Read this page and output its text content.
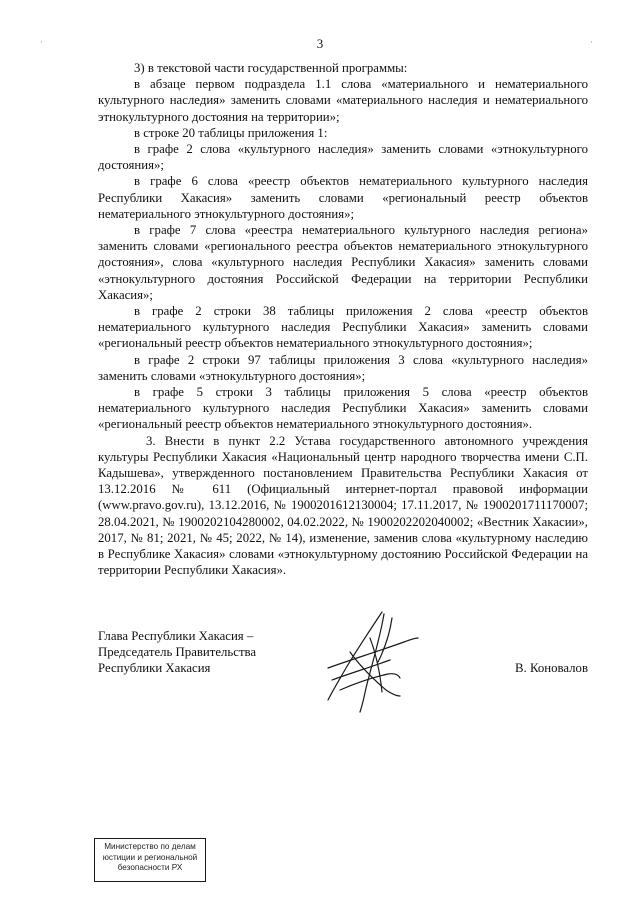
3
˙	˙

3) в текстовой части государственной программы:

в абзаце первом подраздела 1.1 слова «материального и нематериального культурного наследия» заменить словами «материального наследия и нематериального этнокультурного достояния на территории»;

в строке 20 таблицы приложения 1:

в графе 2 слова «культурного наследия» заменить словами «этнокультурного достояния»;

в графе 6 слова «реестр объектов нематериального культурного наследия Республики Хакасия» заменить словами «региональный реестр объектов нематериального этнокультурного достояния»;

в графе 7 слова «реестра нематериального культурного наследия региона» заменить словами «регионального реестра объектов нематериального этнокультурного достояния», слова «культурного наследия Республики Хакасия» заменить словами «этнокультурного достояния Российской Федерации на территории Республики Хакасия»;

в графе 2 строки 38 таблицы приложения 2 слова «реестр объектов нематериального культурного наследия Республики Хакасия» заменить словами «региональный реестр объектов нематериального этнокультурного достояния»;

в графе 2 строки 97 таблицы приложения 3 слова «культурного наследия» заменить словами «этнокультурного достояния»;

в графе 5 строки 3 таблицы приложения 5 слова «реестр объектов нематериального культурного наследия Республики Хакасия» заменить словами «региональный реестр объектов нематериального этнокультурного достояния».

3. Внести в пункт 2.2 Устава государственного автономного учреждения культуры Республики Хакасия «Национальный центр народного творчества имени С.П. Кадышева», утвержденного постановлением Правительства Республики Хакасия от 13.12.2016 № 611 (Официальный интернет-портал правовой информации (www.pravo.gov.ru), 13.12.2016, № 1900201612130004; 17.11.2017, № 1900201711170007; 28.04.2021, № 1900202104280002, 04.02.2022, № 1900202202040002; «Вестник Хакасии», 2017, № 81; 2021, № 45; 2022, № 14), изменение, заменив слова «культурному наследию в Республике Хакасия» словами «этнокультурному достоянию Российской Федерации на территории Республики Хакасия».

Глава Республики Хакасия –
Председатель Правительства
Республики Хакасия	В. Коновалов
Министерство по делам
юстиции и региональной
безопасности РХ
